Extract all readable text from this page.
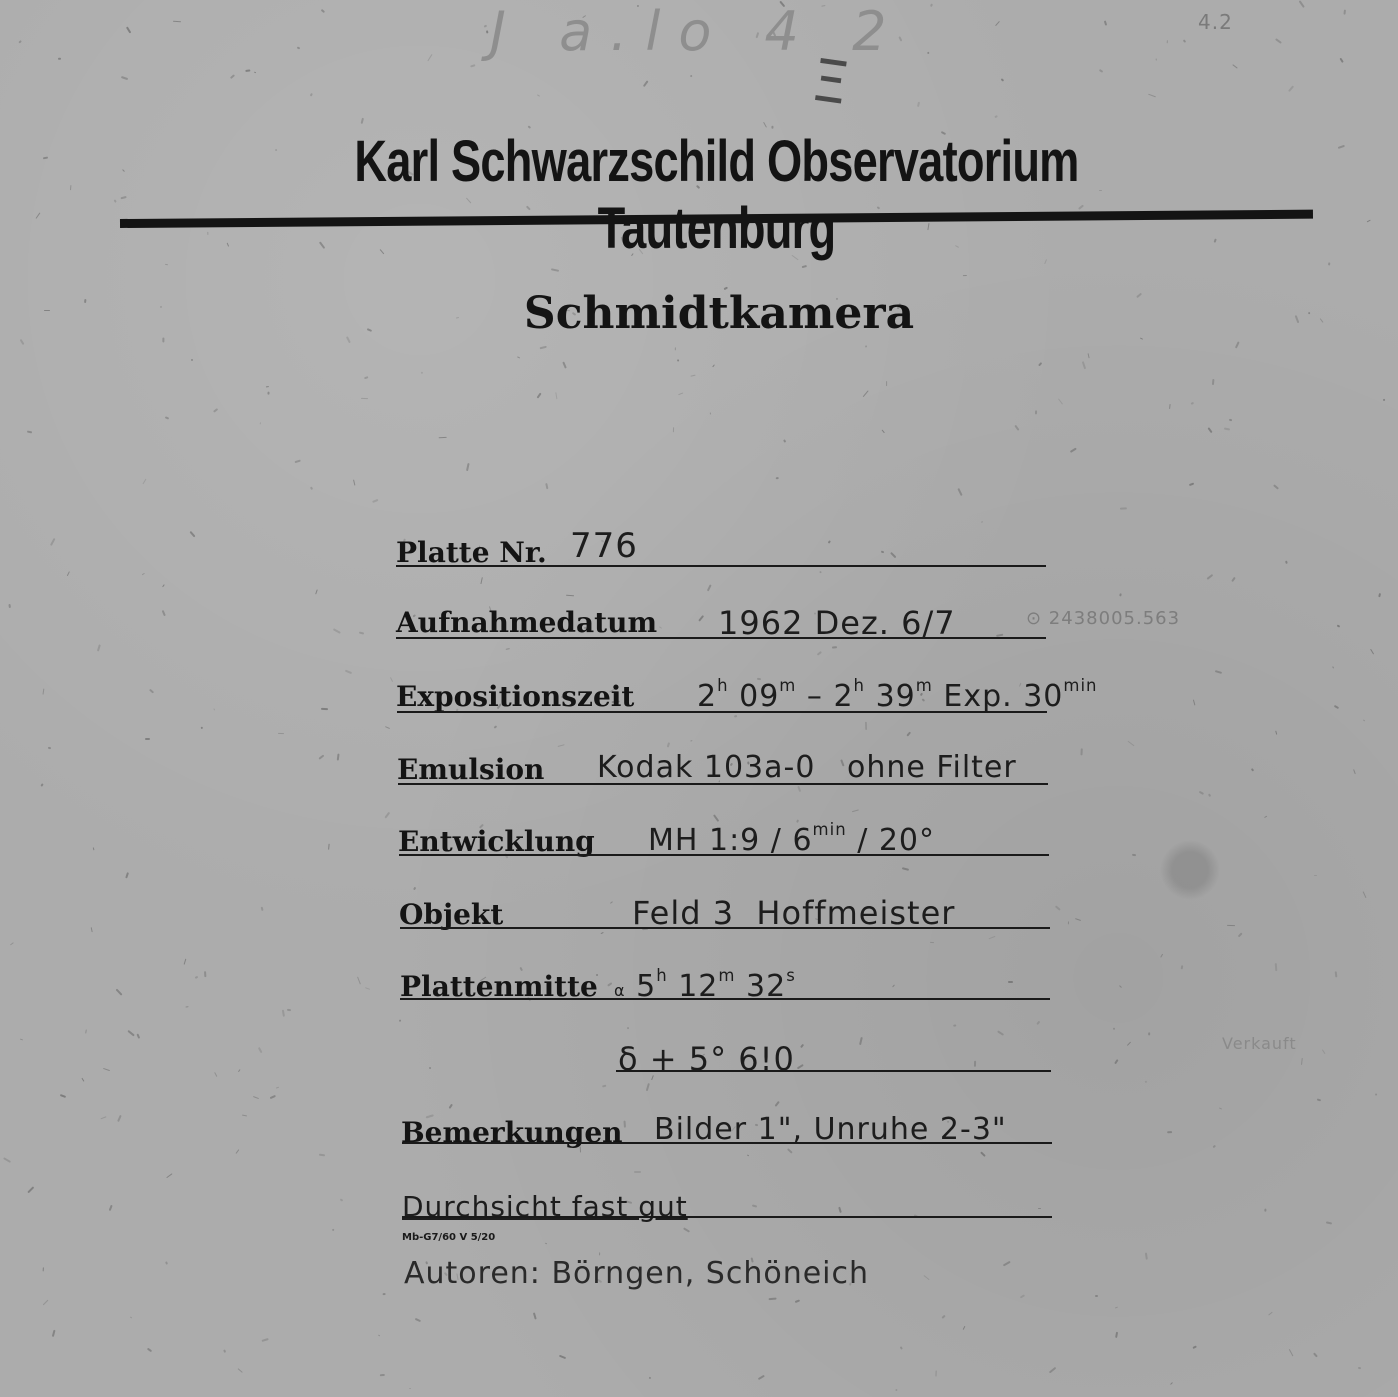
J a.lo 4 2	4.2
Ξ
Karl Schwarzschild Observatorium Tautenburg
Schmidtkamera
Platte Nr. 776
Aufnahmedatum 1962 Dez. 6/7	⊙ 2438005.563
Expositionszeit 2$^h$ 09$^m$ – 2$^h$ 39$^m$ Exp. $30^{min}$
Emulsion Kodak 103a-0   ohne Filter
Entwicklung MH 1:9 / $6^{min} / 20^\circ$
Objekt	Feld 3  Hoffmeister
Plattenmitte α 5$^h$ 12$^m$ 32$^s$
δ + 5° 6!0	Verkauft
Bemerkungen Bilder 1", Unruhe 2-3"
Durchsicht fast gut
Mb-G7/60 V 5/20
Autoren: Börngen, Schöneich
